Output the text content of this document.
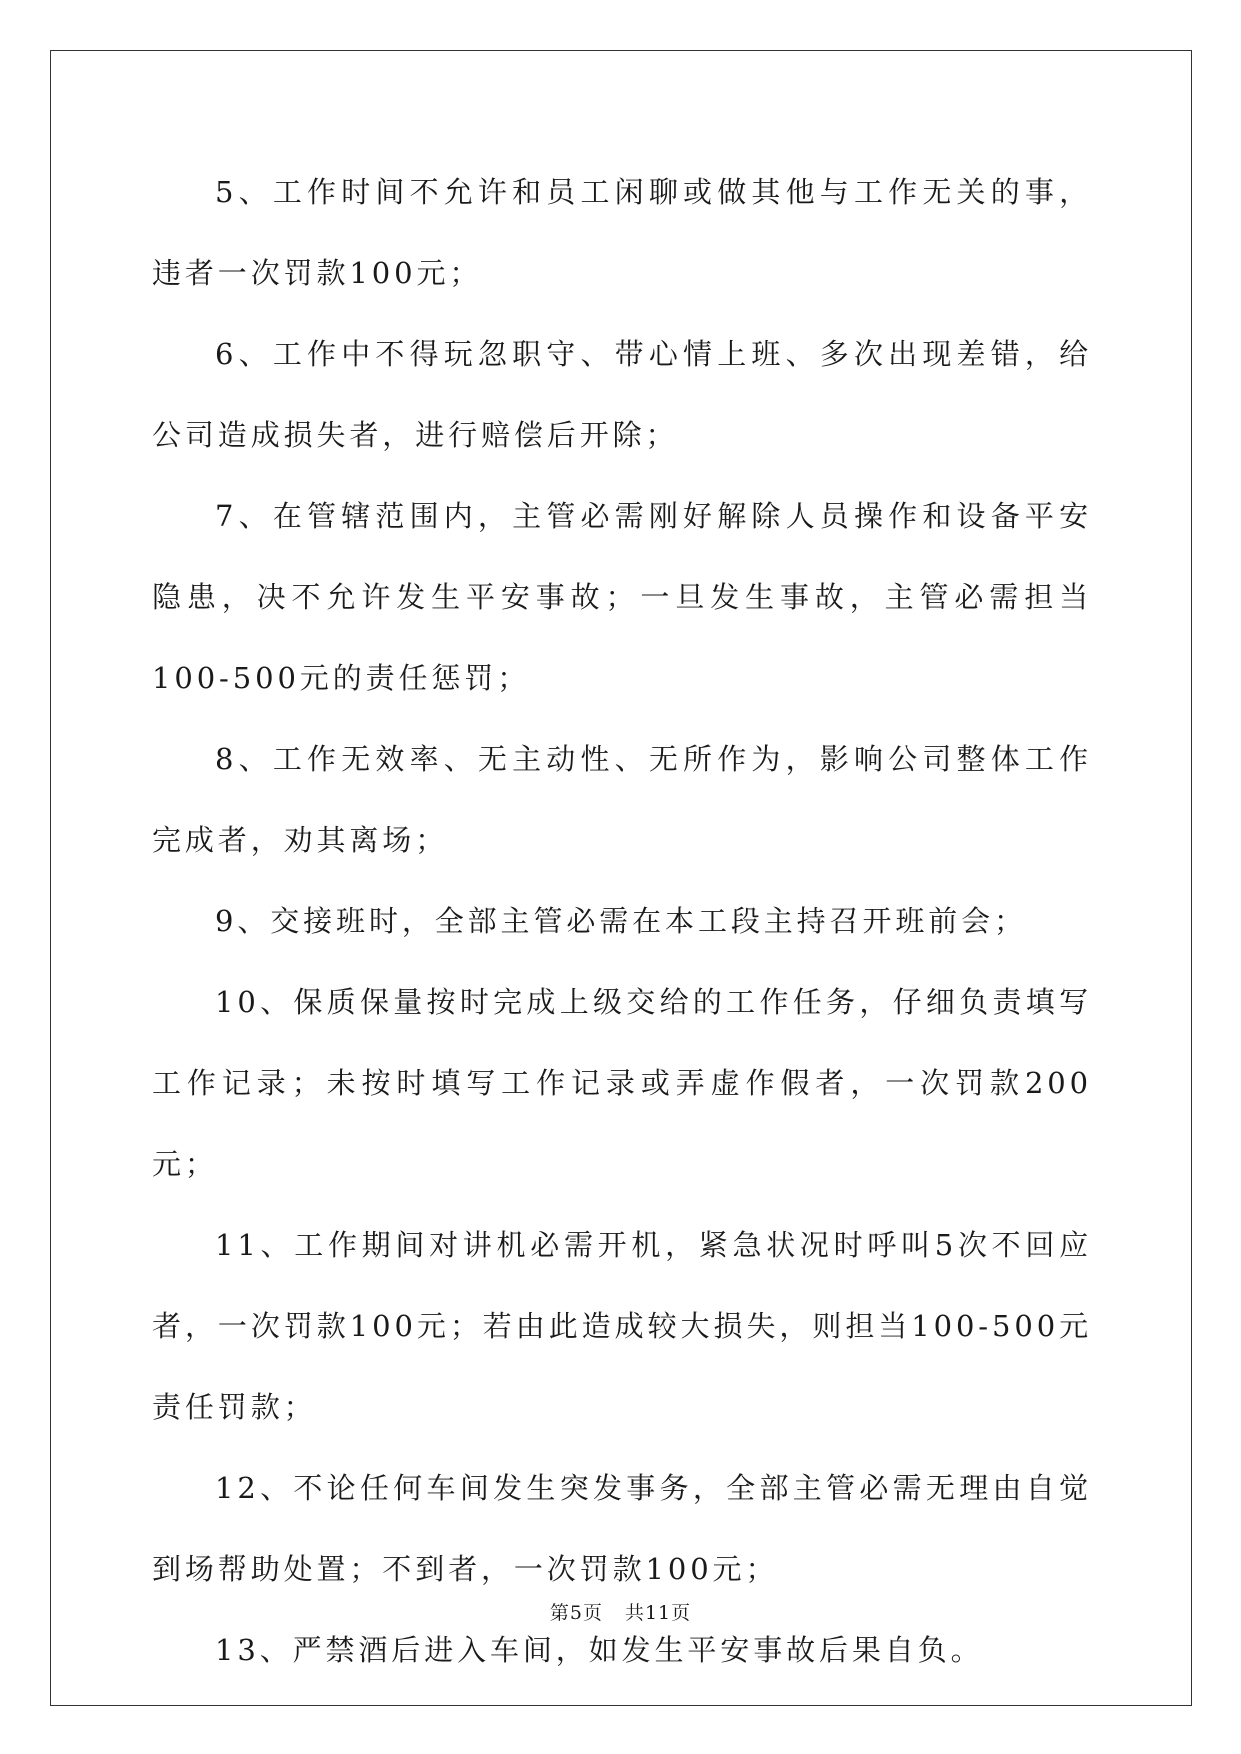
5、工作时间不允许和员工闲聊或做其他与工作无关的事，违者一次罚款100元；

6、工作中不得玩忽职守、带心情上班、多次出现差错，给公司造成损失者，进行赔偿后开除；

7、在管辖范围内，主管必需刚好解除人员操作和设备平安隐患，决不允许发生平安事故；一旦发生事故，主管必需担当100-500元的责任惩罚；

8、工作无效率、无主动性、无所作为，影响公司整体工作完成者，劝其离场；

9、交接班时，全部主管必需在本工段主持召开班前会；

10、保质保量按时完成上级交给的工作任务，仔细负责填写工作记录；未按时填写工作记录或弄虚作假者，一次罚款200元；

11、工作期间对讲机必需开机，紧急状况时呼叫5次不回应者，一次罚款100元；若由此造成较大损失，则担当100-500元责任罚款；

12、不论任何车间发生突发事务，全部主管必需无理由自觉到场帮助处置；不到者，一次罚款100元；

13、严禁酒后进入车间，如发生平安事故后果自负。

第5页 共11页
